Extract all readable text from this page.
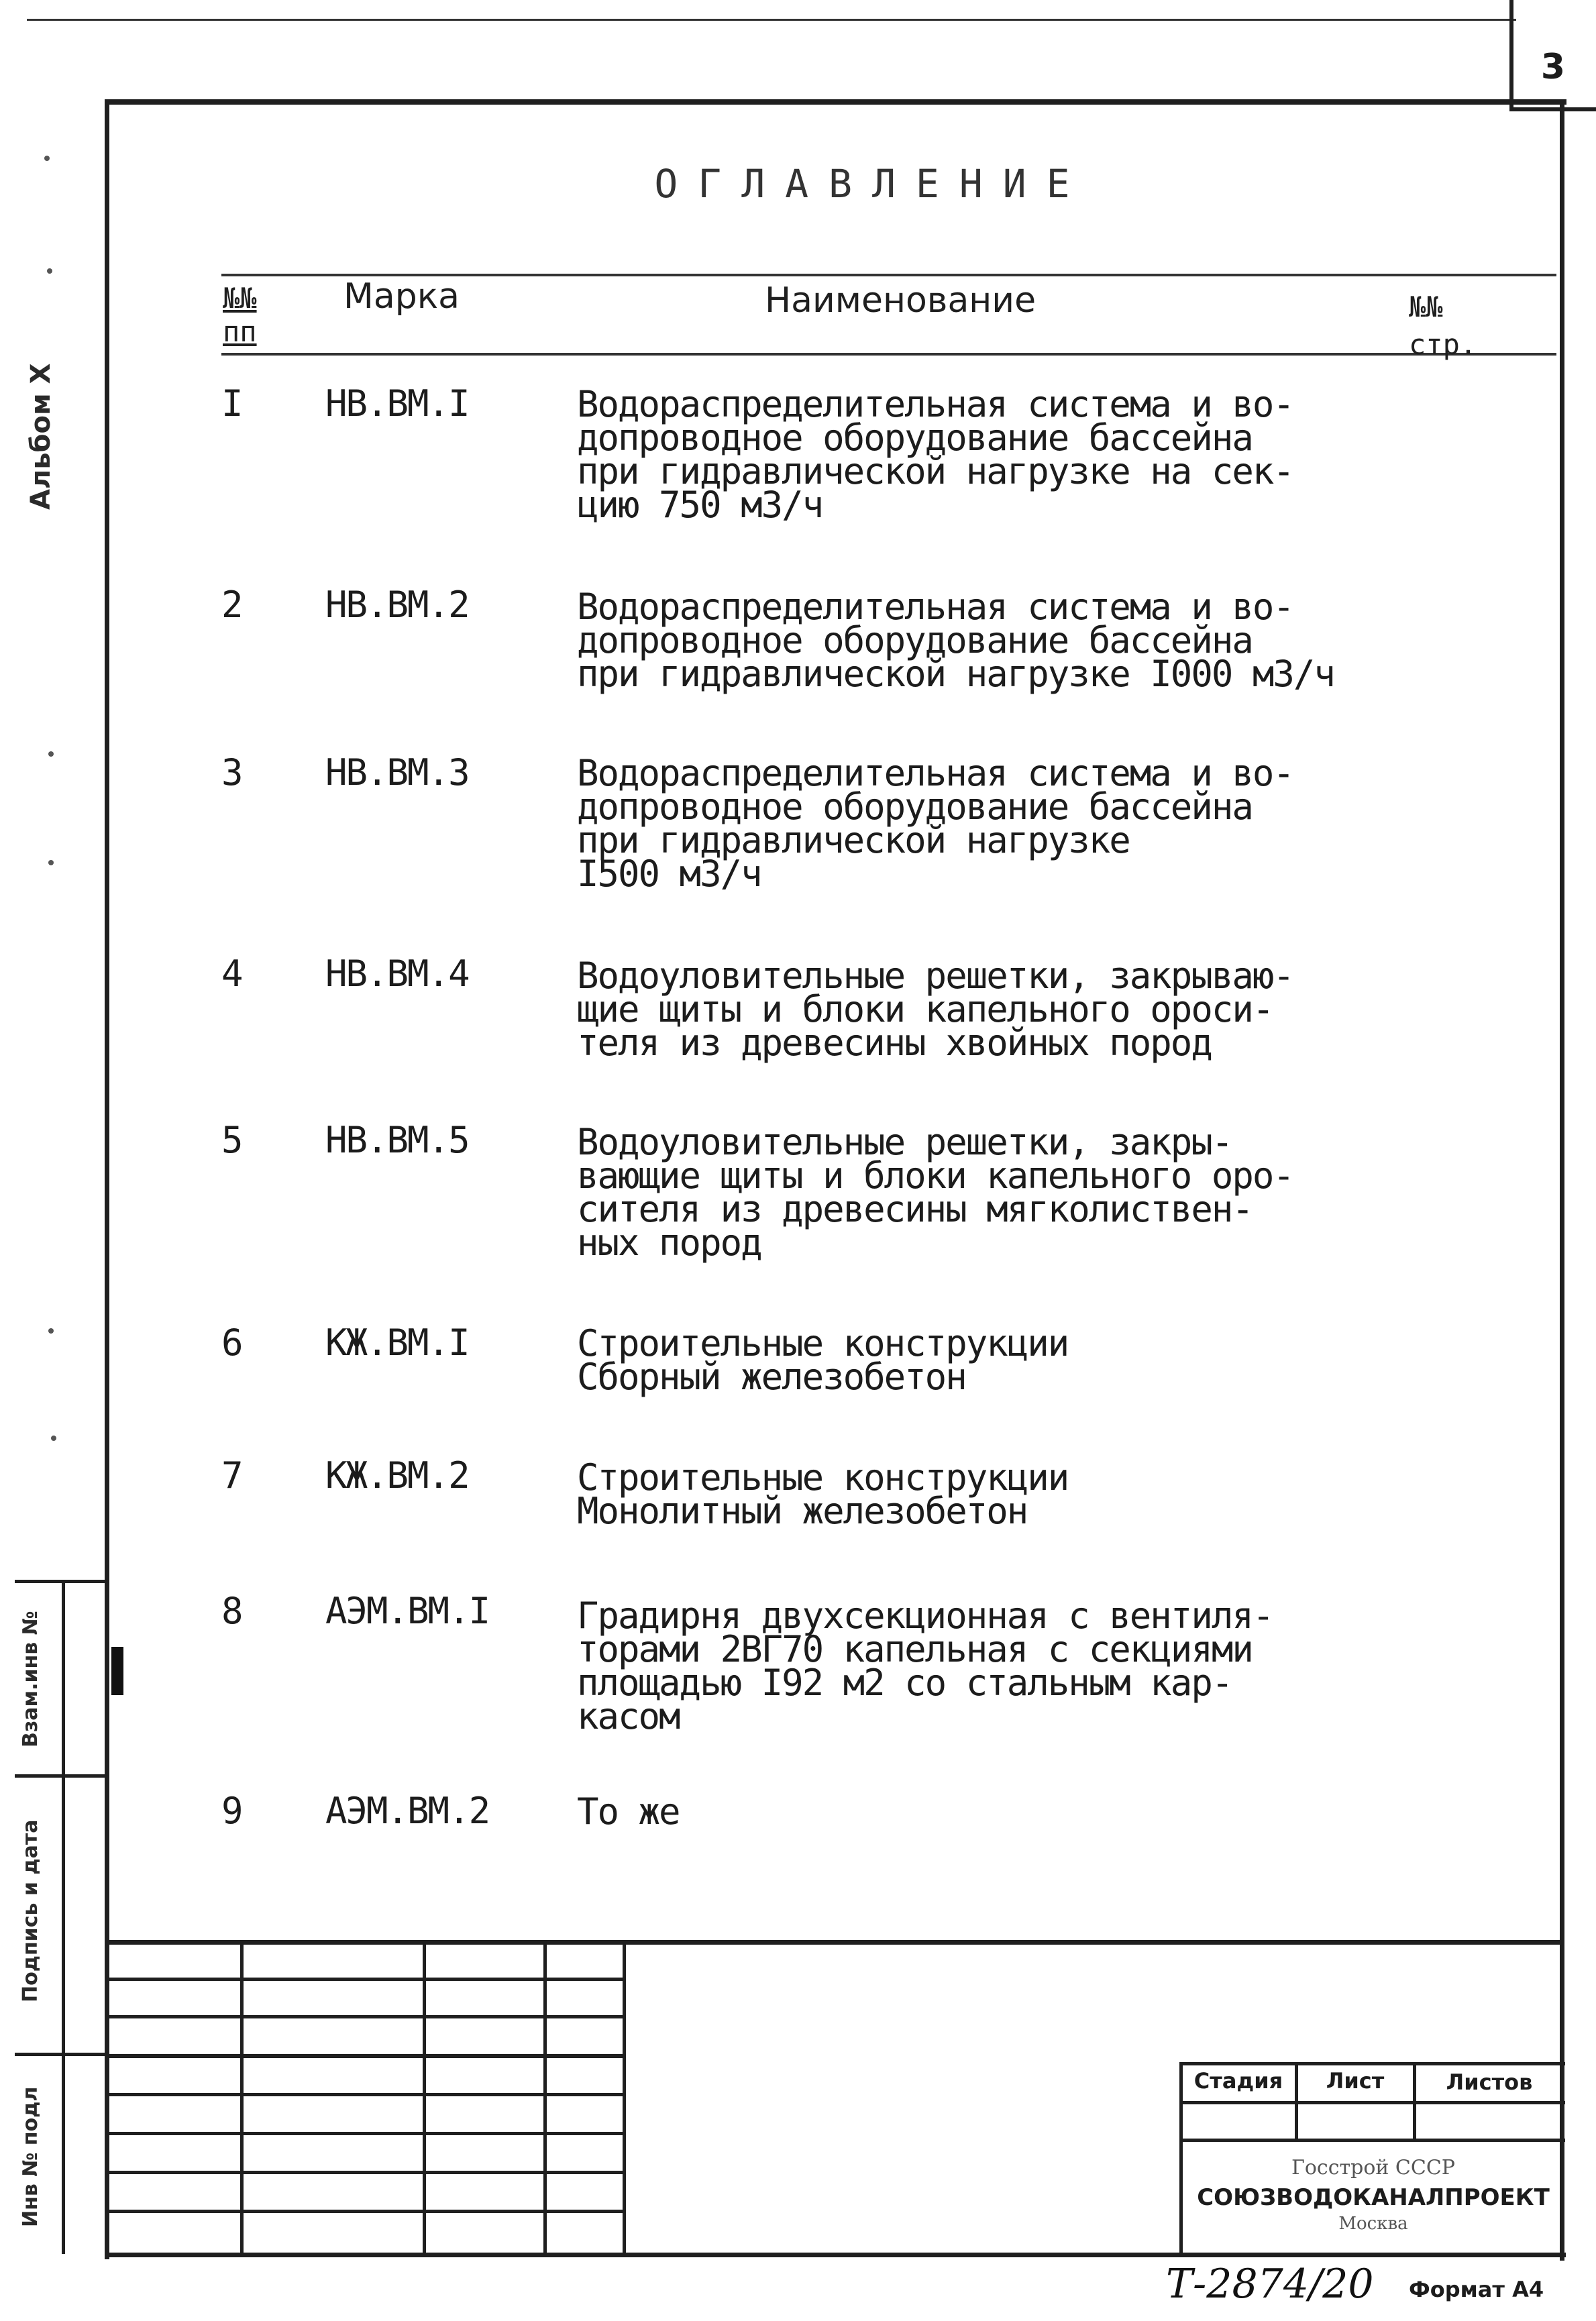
3
Альбом X
Взам.инв №
Подпись и дата
Инв № подл
ОГЛАВЛЕНИЕ
№№
пп
Марка	Наименование	№№
стр.
I	НВ.ВМ.I	Водораспределительная система и во-
допроводное оборудование бассейна
при гидравлической нагрузке на сек-
цию 750 м3/ч
2	НВ.ВМ.2	Водораспределительная система и во-
допроводное оборудование бассейна
при гидравлической нагрузке I000 м3/ч
3	НВ.ВМ.3	Водораспределительная система и во-
допроводное оборудование бассейна
при гидравлической нагрузке
I500 м3/ч
4	НВ.ВМ.4	Водоуловительные решетки, закрываю-
щие щиты и блоки капельного ороси-
теля из древесины хвойных пород
5	НВ.ВМ.5	Водоуловительные решетки, закры-
вающие щиты и блоки капельного оро-
сителя из древесины мягколиствен-
ных пород
6	КЖ.ВМ.I	Строительные конструкции
Сборный железобетон
7	КЖ.ВМ.2	Строительные конструкции
Монолитный железобетон
8	АЭМ.ВМ.I	Градирня двухсекционная с вентиля-
торами 2ВГ70 капельная с секциями
площадью I92 м2 со стальным кар-
касом
9	АЭМ.ВМ.2	То же
Стадия	Лист	Листов
Госстрой СССР
СОЮЗВОДОКАНАЛПРОЕКТ
Москва
Т-2874/20 Формат А4
